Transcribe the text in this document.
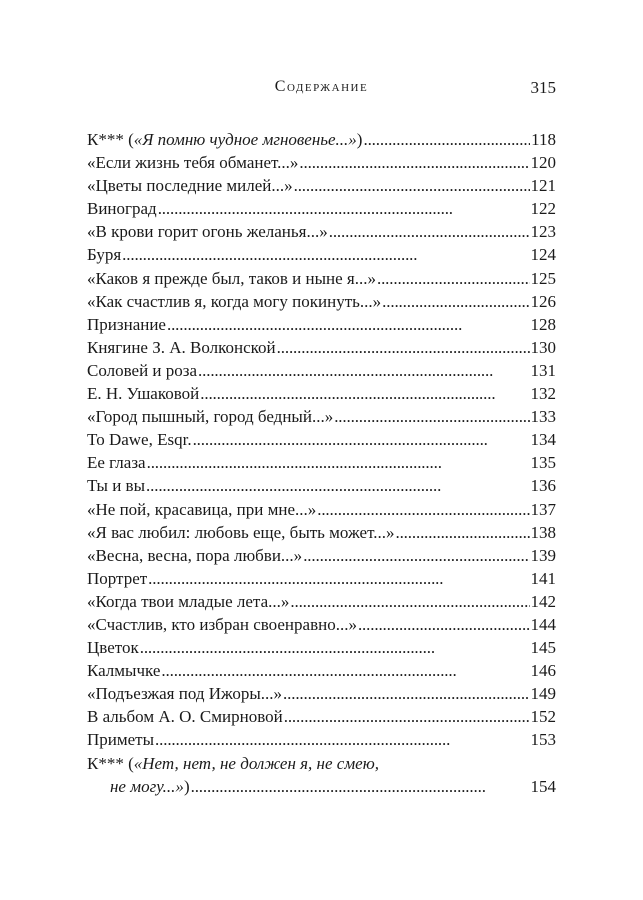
Содержание	315
К*** («Я помню чудное мгновенье...») . . .	118
«Если жизнь тебя обманет...» . . .	120
«Цветы последние милей...» . . .	121
Виноград . . .	122
«В крови горит огонь желанья...» . . .	123
Буря . . .	124
«Каков я прежде был, таков и ныне я...» . . .	125
«Как счастлив я, когда могу покинуть...» . . .	126
Признание . . .	128
Княгине З. А. Волконской . . .	130
Соловей и роза . . .	131
Е. Н. Ушаковой . . .	132
«Город пышный, город бедный...» . . .	133
To Dawe, Esqr. . . .	134
Ее глаза . . .	135
Ты и вы . . .	136
«Не пой, красавица, при мне...» . . .	137
«Я вас любил: любовь еще, быть может...» . . .	138
«Весна, весна, пора любви...» . . .	139
Портрет . . .	141
«Когда твои младые лета...» . . .	142
«Счастлив, кто избран своенравно...» . . .	144
Цветок . . .	145
Калмычке . . .	146
«Подъезжая под Ижоры...» . . .	149
В альбом А. О. Смирновой . . .	152
Приметы . . .	153
К*** («Нет, нет, не должен я, не смею,
не могу...») . . .	154
